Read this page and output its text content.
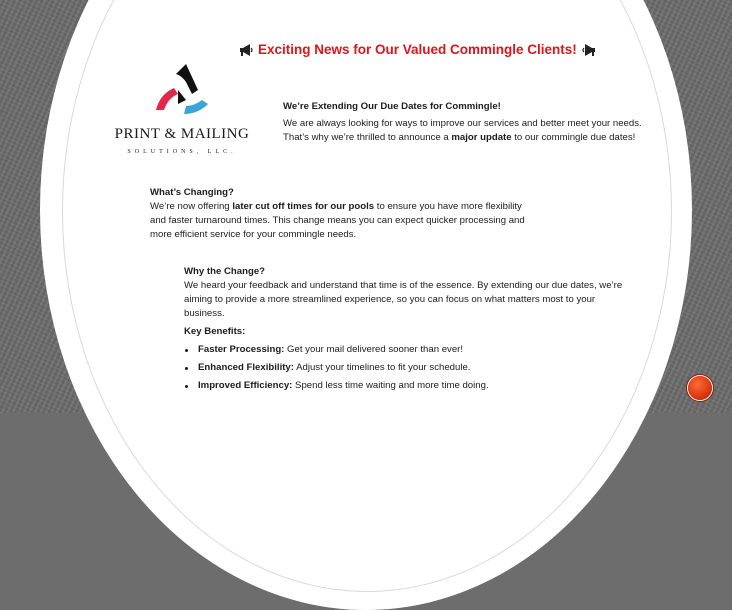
Exciting News for Our Valued Commingle Clients!
PRINT & MAILING
SOLUTIONS, LLC.
We’re Extending Our Due Dates for Commingle!
We are always looking for ways to improve our services and better meet your needs. That’s why we’re thrilled to announce a major update to our commingle due dates!
What’s Changing?
We’re now offering later cut off times for our pools to ensure you have more flexibility and faster turnaround times. This change means you can expect quicker processing and more efficient service for your commingle needs.
Why the Change?
We heard your feedback and understand that time is of the essence. By extending our due dates, we’re aiming to provide a more streamlined experience, so you can focus on what matters most to your business.
Key Benefits:
Faster Processing: Get your mail delivered sooner than ever!
Enhanced Flexibility: Adjust your timelines to fit your schedule.
Improved Efficiency: Spend less time waiting and more time doing.
